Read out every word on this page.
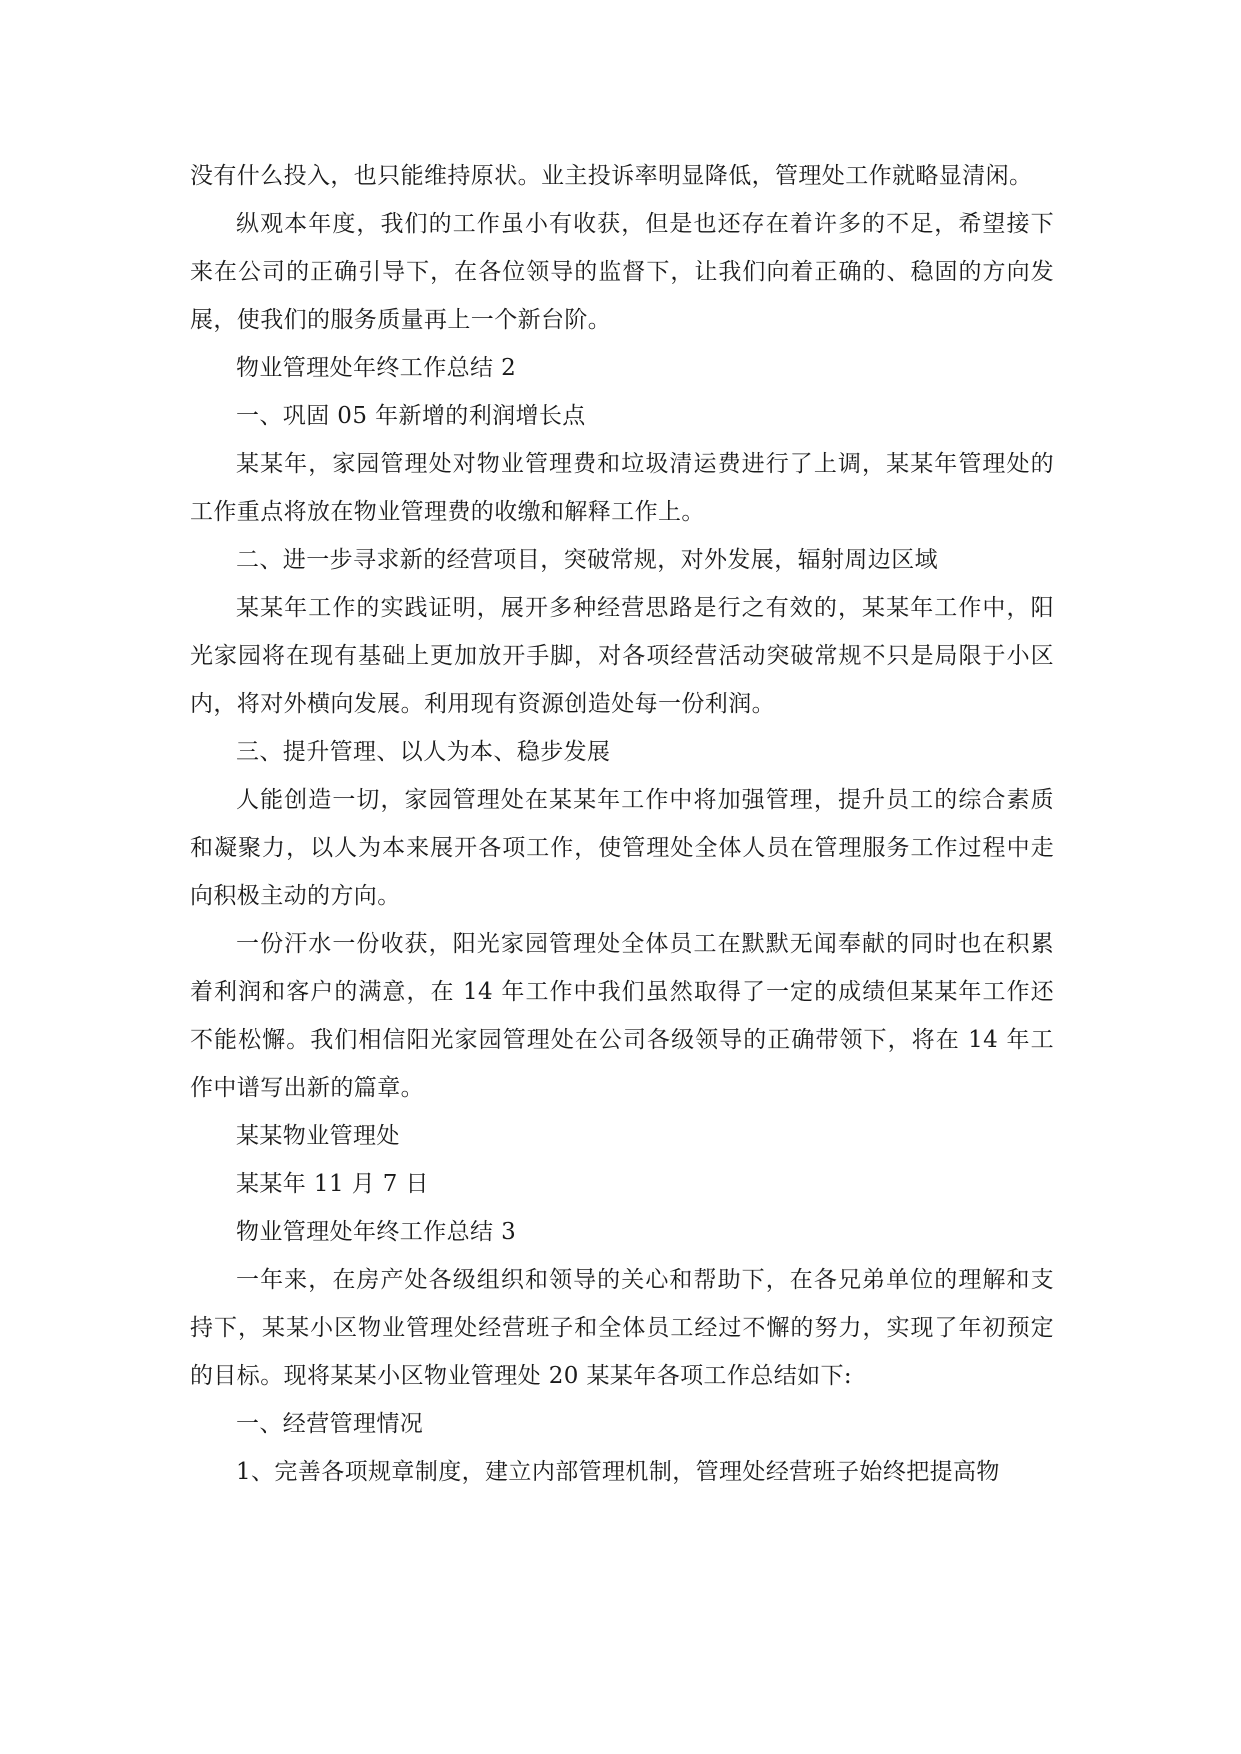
没有什么投入，也只能维持原状。业主投诉率明显降低，管理处工作就略显清闲。

纵观本年度，我们的工作虽小有收获，但是也还存在着许多的不足，希望接下来在公司的正确引导下，在各位领导的监督下，让我们向着正确的、稳固的方向发展，使我们的服务质量再上一个新台阶。

物业管理处年终工作总结 2

一、巩固 05 年新增的利润增长点

某某年，家园管理处对物业管理费和垃圾清运费进行了上调，某某年管理处的工作重点将放在物业管理费的收缴和解释工作上。

二、进一步寻求新的经营项目，突破常规，对外发展，辐射周边区域

某某年工作的实践证明，展开多种经营思路是行之有效的，某某年工作中，阳光家园将在现有基础上更加放开手脚，对各项经营活动突破常规不只是局限于小区内，将对外横向发展。利用现有资源创造处每一份利润。

三、提升管理、以人为本、稳步发展

人能创造一切，家园管理处在某某年工作中将加强管理，提升员工的综合素质和凝聚力，以人为本来展开各项工作，使管理处全体人员在管理服务工作过程中走向积极主动的方向。

一份汗水一份收获，阳光家园管理处全体员工在默默无闻奉献的同时也在积累着利润和客户的满意，在 14 年工作中我们虽然取得了一定的成绩但某某年工作还不能松懈。我们相信阳光家园管理处在公司各级领导的正确带领下，将在 14 年工作中谱写出新的篇章。

某某物业管理处

某某年 11 月 7 日

物业管理处年终工作总结 3

一年来，在房产处各级组织和领导的关心和帮助下，在各兄弟单位的理解和支持下，某某小区物业管理处经营班子和全体员工经过不懈的努力，实现了年初预定的目标。现将某某小区物业管理处 20 某某年各项工作总结如下:

一、经营管理情况

1、完善各项规章制度，建立内部管理机制，管理处经营班子始终把提高物
